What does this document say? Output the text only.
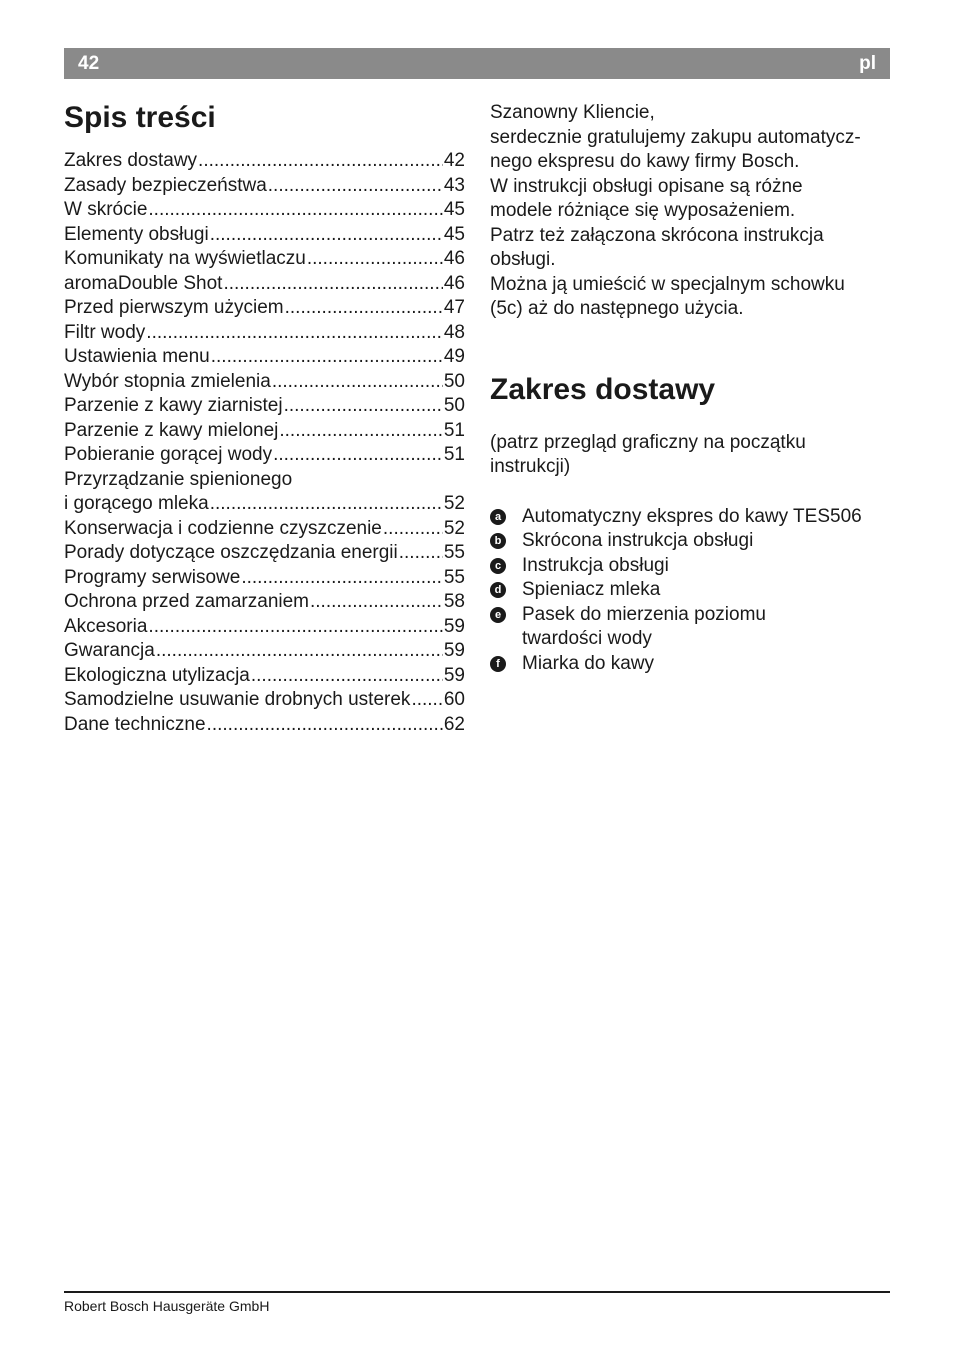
42	pl
Spis treści
Zakres dostawy .....	42
Zasady bezpieczeństwa .....	43
W skrócie .....	45
Elementy obsługi .....	45
Komunikaty na wyświetlaczu .....	46
aromaDouble Shot .....	46
Przed pierwszym użyciem .....	47
Filtr wody .....	48
Ustawienia menu .....	49
Wybór stopnia zmielenia .....	50
Parzenie z kawy ziarnistej .....	50
Parzenie z kawy mielonej .....	51
Pobieranie gorącej wody .....	51
Przyrządzanie spienionego
i gorącego mleka .....	52
Konserwacja i codzienne czyszczenie .....	52
Porady dotyczące oszczędzania energii ..... 55
Programy serwisowe .....	55
Ochrona przed zamarzaniem .....	58
Akcesoria .....	59
Gwarancja .....	59
Ekologiczna utylizacja .....	59
Samodzielne usuwanie drobnych usterek ..... 60
Dane techniczne .....	62

Szanowny Kliencie,

serdecznie gratulujemy zakupu automatycz-

nego ekspresu do kawy firmy Bosch.

W instrukcji obsługi opisane są różne

modele różniące się wyposażeniem.

Patrz też załączona skrócona instrukcja

obsługi.

Można ją umieścić w specjalnym schowku

(5c) aż do następnego użycia.

Zakres dostawy
(patrz przegląd graficzny na początku
instrukcji)
a Automatyczny ekspres do kawy TES506
b Skrócona instrukcja obsługi
c Instrukcja obsługi
d Spieniacz mleka
e Pasek do mierzenia poziomu
twardości wody
f	Miarka do kawy
Robert Bosch Hausgeräte GmbH
